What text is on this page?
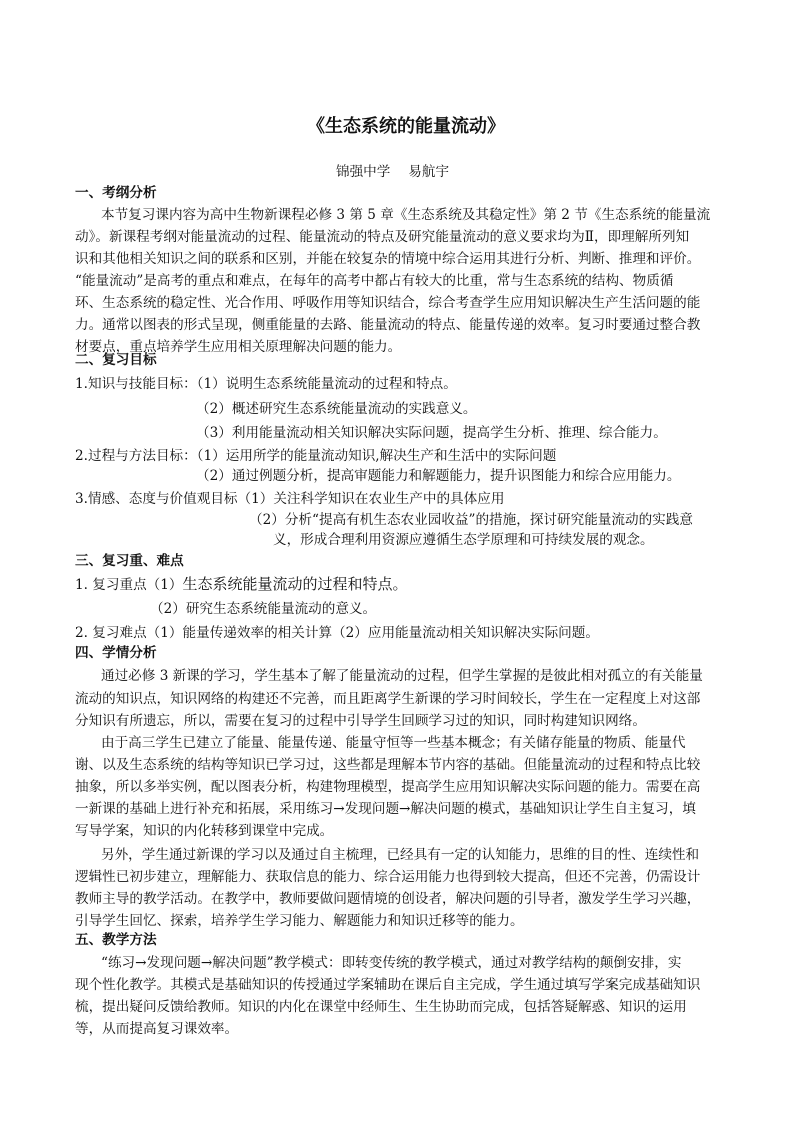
《生态系统的能量流动》
锦强中学　 易航宇
一、考纲分析
本节复习课内容为高中生物新课程必修 3 第 5 章《生态系统及其稳定性》第 2 节《生态系统的能量流
动》。新课程考纲对能量流动的过程、能量流动的特点及研究能量流动的意义要求均为Ⅱ，即理解所列知
识和其他相关知识之间的联系和区别，并能在较复杂的情境中综合运用其进行分析、判断、推理和评价。
“能量流动”是高考的重点和难点，在每年的高考中都占有较大的比重，常与生态系统的结构、物质循
环、生态系统的稳定性、光合作用、呼吸作用等知识结合，综合考查学生应用知识解决生产生活问题的能
力。通常以图表的形式呈现，侧重能量的去路、能量流动的特点、能量传递的效率。复习时要通过整合教
材要点，重点培养学生应用相关原理解决问题的能力。
二、复习目标
1.知识与技能目标：（1）说明生态系统能量流动的过程和特点。
（2）概述研究生态系统能量流动的实践意义。
（3）利用能量流动相关知识解决实际问题，提高学生分析、推理、综合能力。
2.过程与方法目标：（1）运用所学的能量流动知识,解决生产和生活中的实际问题
（2）通过例题分析，提高审题能力和解题能力，提升识图能力和综合应用能力。
3.情感、态度与价值观目标（1）关注科学知识在农业生产中的具体应用
（2）分析“提高有机生态农业园收益”的措施，探讨研究能量流动的实践意
义，形成合理利用资源应遵循生态学原理和可持续发展的观念。
三、复习重、难点
1. 复习重点（1）生态系统能量流动的过程和特点。
（2）研究生态系统能量流动的意义。
2. 复习难点（1）能量传递效率的相关计算（2）应用能量流动相关知识解决实际问题。
四、学情分析
通过必修 3 新课的学习，学生基本了解了能量流动的过程，但学生掌握的是彼此相对孤立的有关能量
流动的知识点，知识网络的构建还不完善，而且距离学生新课的学习时间较长，学生在一定程度上对这部
分知识有所遗忘，所以，需要在复习的过程中引导学生回顾学习过的知识，同时构建知识网络。
由于高三学生已建立了能量、能量传递、能量守恒等一些基本概念；有关储存能量的物质、能量代
谢、以及生态系统的结构等知识已学习过，这些都是理解本节内容的基础。但能量流动的过程和特点比较
抽象，所以多举实例，配以图表分析，构建物理模型，提高学生应用知识解决实际问题的能力。需要在高
一新课的基础上进行补充和拓展，采用练习→发现问题→解决问题的模式，基础知识让学生自主复习，填
写导学案，知识的内化转移到课堂中完成。
另外，学生通过新课的学习以及通过自主梳理，已经具有一定的认知能力，思维的目的性、连续性和
逻辑性已初步建立，理解能力、获取信息的能力、综合运用能力也得到较大提高，但还不完善，仍需设计
教师主导的教学活动。在教学中，教师要做问题情境的创设者，解决问题的引导者，激发学生学习兴趣，
引导学生回忆、探索，培养学生学习能力、解题能力和知识迁移等的能力。
五、教学方法
“练习→发现问题→解决问题”教学模式：即转变传统的教学模式，通过对教学结构的颠倒安排，实
现个性化教学。其模式是基础知识的传授通过学案辅助在课后自主完成，学生通过填写学案完成基础知识
梳，提出疑问反馈给教师。知识的内化在课堂中经师生、生生协助而完成，包括答疑解惑、知识的运用
等，从而提高复习课效率。
